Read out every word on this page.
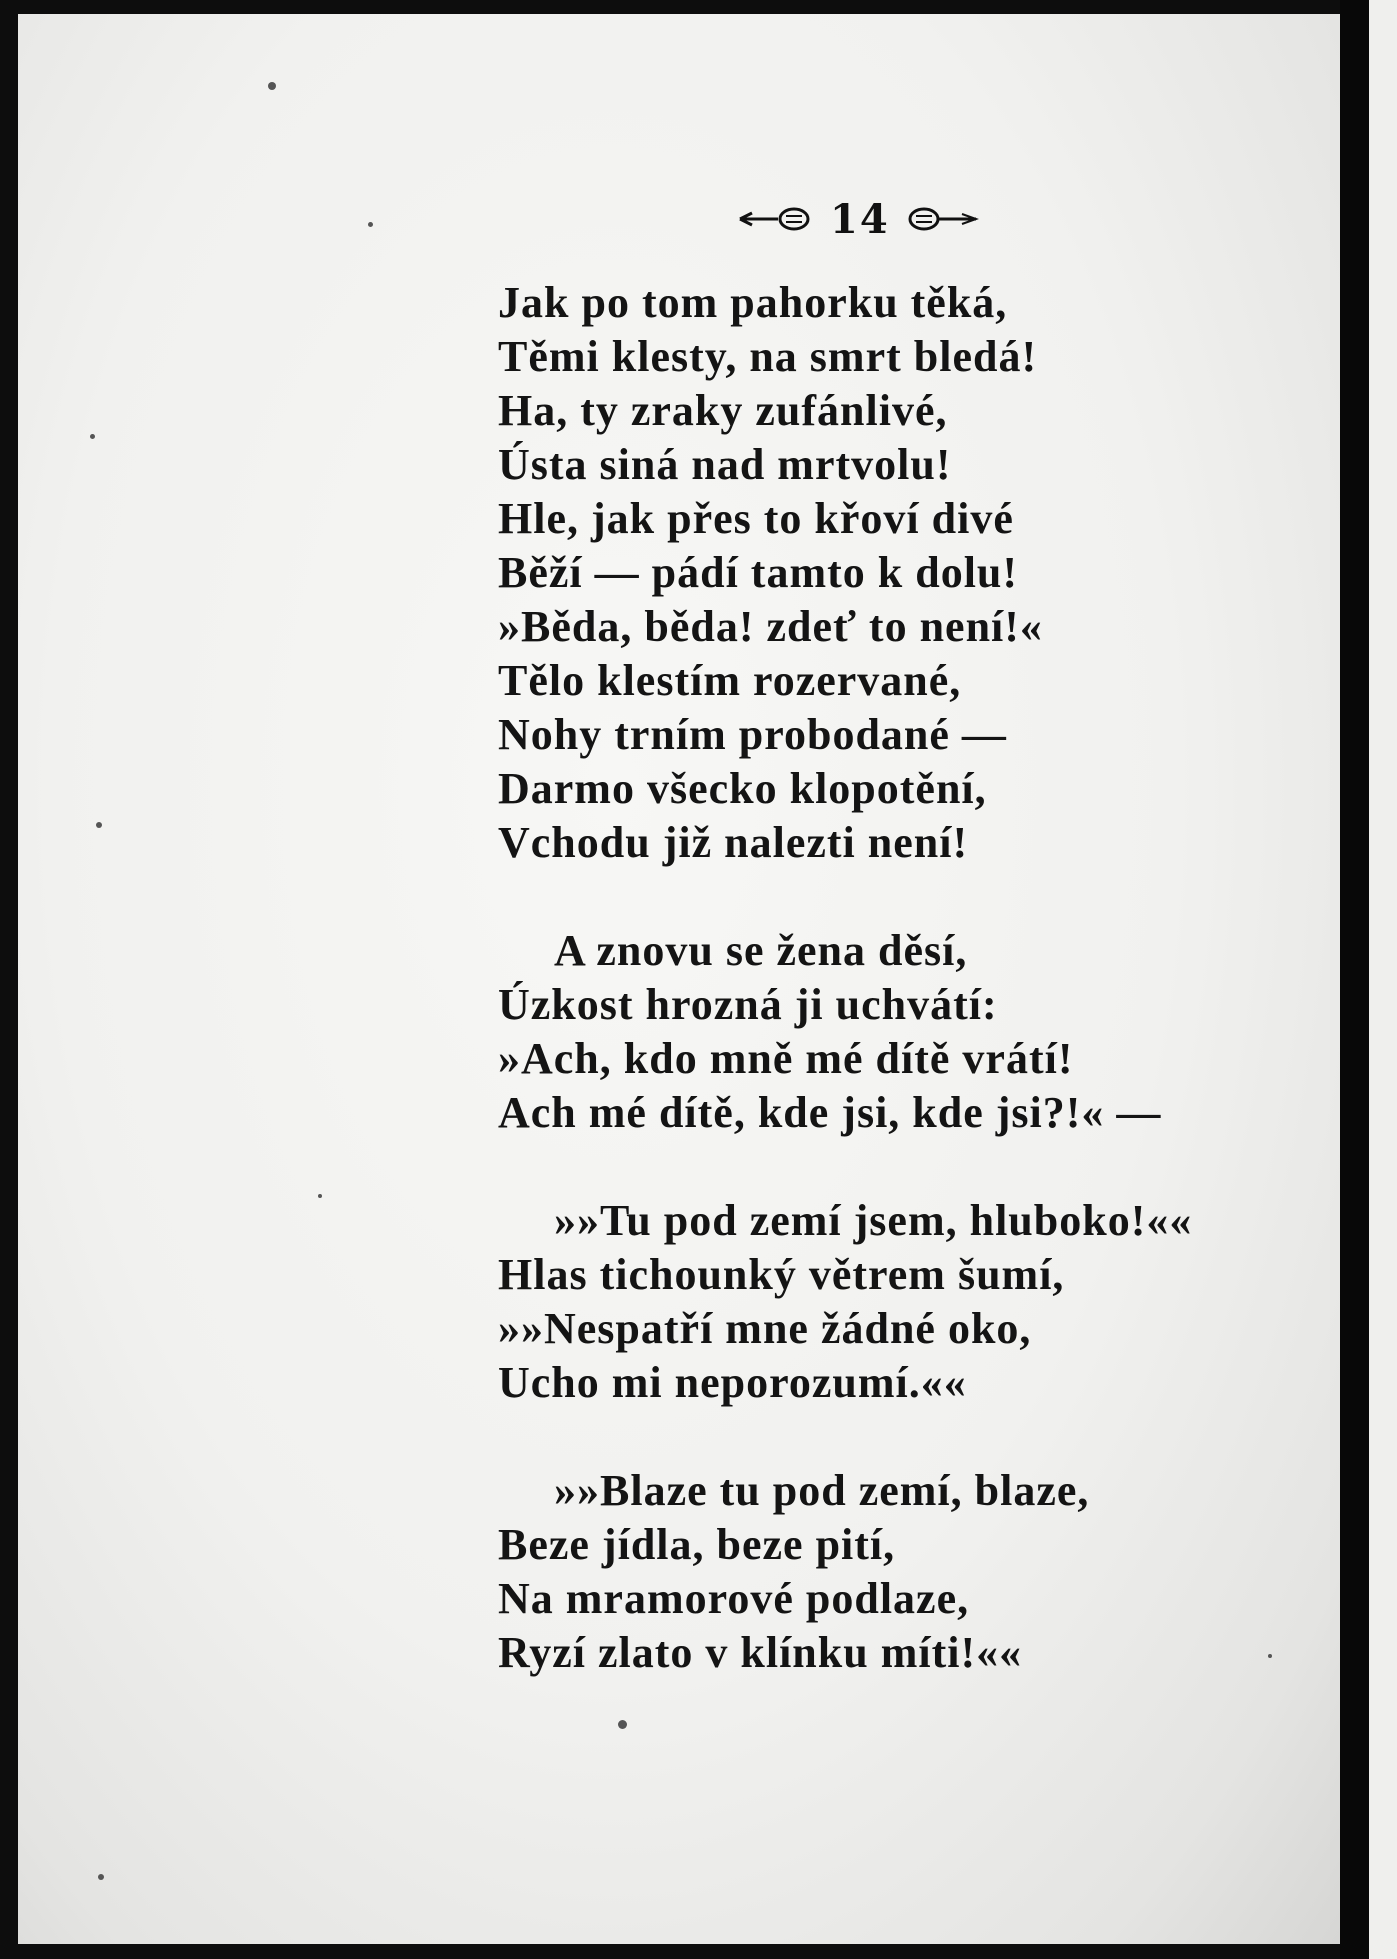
14
Jak po tom pahorku těká,
Těmi klesty, na smrt bledá!
Ha, ty zraky zufánlivé,
Ústa siná nad mrtvolu!
Hle, jak přes to křoví divé
Běží — pádí tamto k dolu!
»Běda, běda! zdeť to není!«
Tělo klestím rozervané,
Nohy trním probodané —
Darmo všecko klopotění,
Vchodu již nalezti není!
A znovu se žena děsí,
Úzkost hrozná ji uchvátí:
»Ach, kdo mně mé dítě vrátí!
Ach mé dítě, kde jsi, kde jsi?!« —
»»Tu pod zemí jsem, hluboko!««
Hlas tichounký větrem šumí,
»»Nespatří mne žádné oko,
Ucho mi neporozumí.««
»»Blaze tu pod zemí, blaze,
Beze jídla, beze pití,
Na mramorové podlaze,
Ryzí zlato v klínku míti!««
